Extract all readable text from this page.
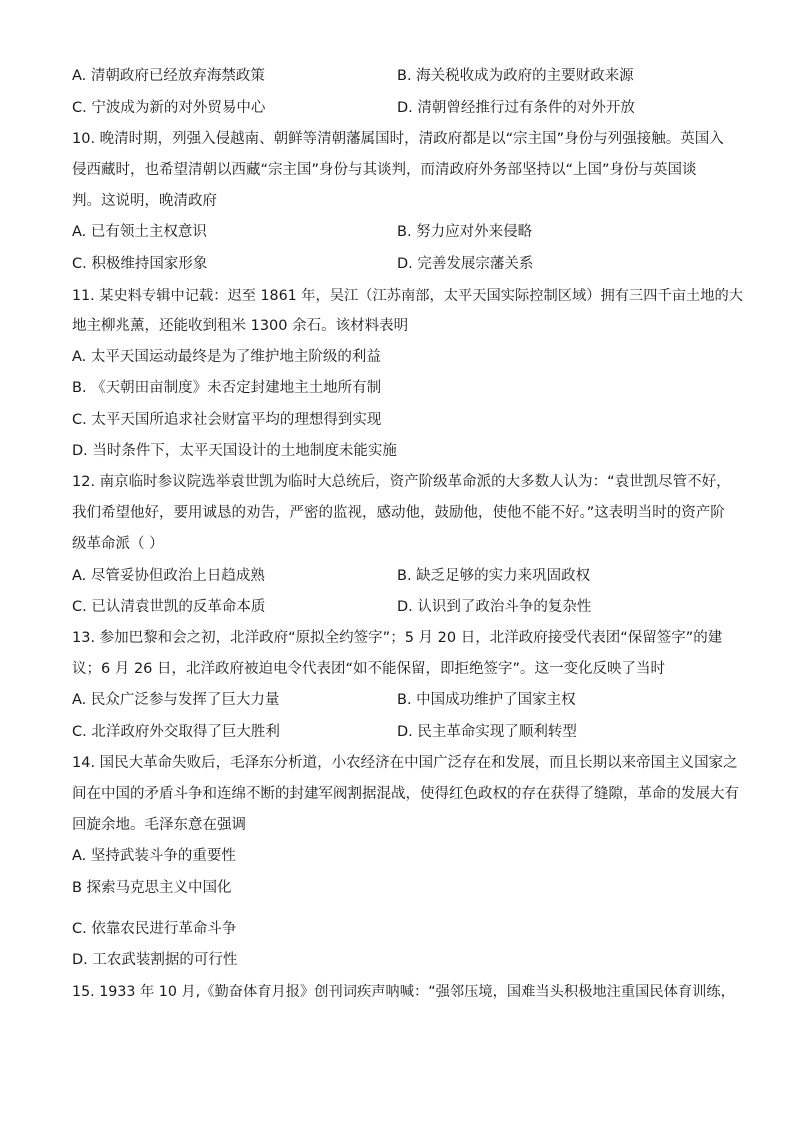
A. 清朝政府已经放弃海禁政策	B. 海关税收成为政府的主要财政来源
C. 宁波成为新的对外贸易中心	D. 清朝曾经推行过有条件的对外开放
10. 晚清时期，列强入侵越南、朝鲜等清朝藩属国时，清政府都是以“宗主国”身份与列强接触。英国入
侵西藏时，也希望清朝以西藏“宗主国”身份与其谈判，而清政府外务部坚持以“上国”身份与英国谈
判。这说明，晚清政府
A. 已有领土主权意识	B. 努力应对外来侵略
C. 积极维持国家形象	D. 完善发展宗藩关系
11. 某史料专辑中记载：迟至 1861 年，吴江（江苏南部，太平天国实际控制区域）拥有三四千亩土地的大
地主柳兆薰，还能收到租米 1300 余石。该材料表明
A. 太平天国运动最终是为了维护地主阶级的利益
B. 《天朝田亩制度》未否定封建地主土地所有制
C. 太平天国所追求社会财富平均的理想得到实现
D. 当时条件下，太平天国设计的土地制度未能实施
12. 南京临时参议院选举袁世凯为临时大总统后，资产阶级革命派的大多数人认为：“袁世凯尽管不好，
我们希望他好，要用诚恳的劝告，严密的监视，感动他，鼓励他，使他不能不好。”这表明当时的资产阶
级革命派（ ）
A. 尽管妥协但政治上日趋成熟	B. 缺乏足够的实力来巩固政权
C. 已认清袁世凯的反革命本质	D. 认识到了政治斗争的复杂性
13. 参加巴黎和会之初，北洋政府“原拟全约签字”；5 月 20 日，北洋政府接受代表团“保留签字”的建
议；6 月 26 日，北洋政府被迫电令代表团“如不能保留，即拒绝签字”。这一变化反映了当时
A. 民众广泛参与发挥了巨大力量	B. 中国成功维护了国家主权
C. 北洋政府外交取得了巨大胜利	D. 民主革命实现了顺利转型
14. 国民大革命失败后，毛泽东分析道，小农经济在中国广泛存在和发展，而且长期以来帝国主义国家之
间在中国的矛盾斗争和连绵不断的封建军阀割据混战，使得红色政权的存在获得了缝隙，革命的发展大有
回旋余地。毛泽东意在强调
A. 坚持武装斗争的重要性
B 探索马克思主义中国化
C. 依靠农民进行革命斗争
D. 工农武装割据的可行性
15. 1933 年 10 月,《勤奋体育月报》创刊词疾声呐喊：“强邻压境，国难当头积极地注重国民体育训练，
